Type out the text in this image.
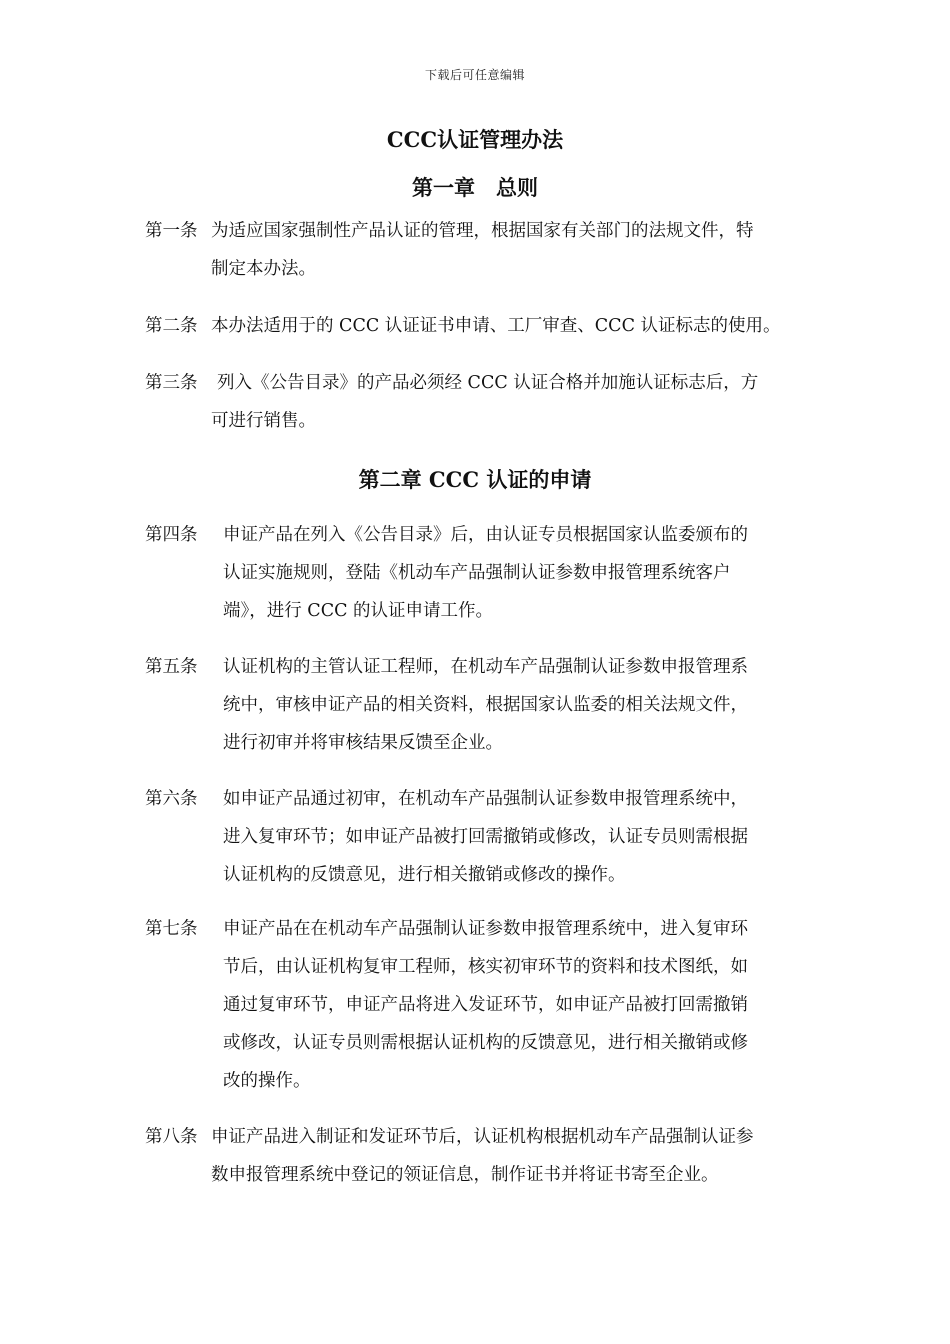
下载后可任意编辑
CCC认证管理办法
第一章　总则
第一条 为适应国家强制性产品认证的管理，根据国家有关部门的法规文件，特
制定本办法。
第二条 本办法适用于的 CCC 认证证书申请、工厂审查、CCC 认证标志的使用。
第三条 列入《公告目录》的产品必须经 CCC 认证合格并加施认证标志后，方
可进行销售。
第二章 CCC 认证的申请
第四条 申证产品在列入《公告目录》后，由认证专员根据国家认监委颁布的
认证实施规则，登陆《机动车产品强制认证参数申报管理系统客户
端》，进行 CCC 的认证申请工作。
第五条 认证机构的主管认证工程师，在机动车产品强制认证参数申报管理系
统中，审核申证产品的相关资料，根据国家认监委的相关法规文件，
进行初审并将审核结果反馈至企业。
第六条 如申证产品通过初审，在机动车产品强制认证参数申报管理系统中，
进入复审环节；如申证产品被打回需撤销或修改，认证专员则需根据
认证机构的反馈意见，进行相关撤销或修改的操作。
第七条 申证产品在在机动车产品强制认证参数申报管理系统中，进入复审环
节后，由认证机构复审工程师，核实初审环节的资料和技术图纸，如
通过复审环节，申证产品将进入发证环节，如申证产品被打回需撤销
或修改，认证专员则需根据认证机构的反馈意见，进行相关撤销或修
改的操作。
第八条 申证产品进入制证和发证环节后，认证机构根据机动车产品强制认证参
数申报管理系统中登记的领证信息，制作证书并将证书寄至企业。
